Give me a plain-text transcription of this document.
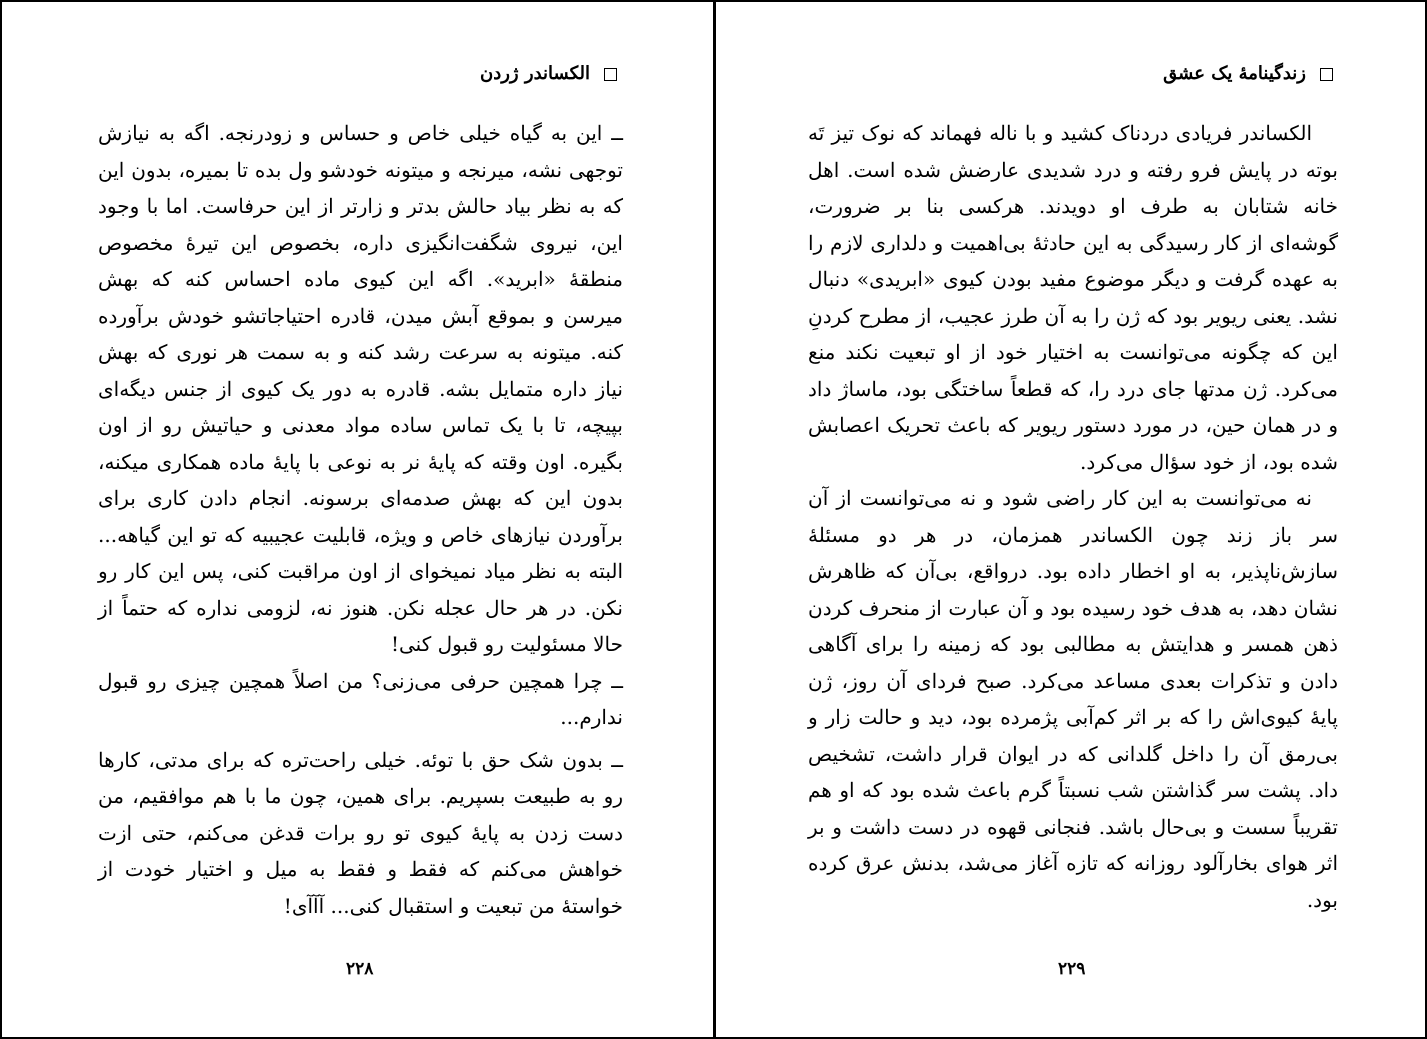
الکساندر ژردن

ــ این به گیاه خیلی خاص و حساس و زودرنجه. اگه به نیازش توجهی نشه، میرنجه و میتونه خودشو ول بده تا بمیره، بدون این که به نظر بیاد حالش بدتر و زارتر از این حرفاست. اما با وجود این، نیروی شگفت‌انگیزی داره، بخصوص این تیرهٔ مخصوص منطقهٔ «ابرید». اگه این کیوی ماده احساس کنه که بهش میرسن و بموقع آبش میدن، قادره احتیاجاتشو خودش برآورده کنه. میتونه به سرعت رشد کنه و به سمت هر نوری که بهش نیاز داره متمایل بشه. قادره به دور یک کیوی از جنس دیگه‌ای بپیچه، تا با یک تماس ساده مواد معدنی و حیاتیش رو از اون بگیره. اون وقته که پایهٔ نر به نوعی با پایهٔ ماده همکاری میکنه، بدون این که بهش صدمه‌ای برسونه. انجام دادن کاری برای برآوردن نیازهای خاص و ویژه، قابلیت عجیبیه که تو این گیاهه... البته به نظر میاد نمیخوای از اون مراقبت کنی، پس این کار رو نکن. در هر حال عجله نکن. هنوز نه، لزومی نداره که حتماً از حالا مسئولیت رو قبول کنی!

ــ چرا همچین حرفی می‌زنی؟ من اصلاً همچین چیزی رو قبول ندارم...

ــ بدون شک حق با توئه. خیلی راحت‌تره که برای مدتی، کارها رو به طبیعت بسپریم. برای همین، چون ما با هم موافقیم، من دست زدن به پایهٔ کیوی تو رو برات قدغن می‌کنم، حتی ازت خواهش می‌کنم که فقط و فقط به میل و اختیار خودت از خواستهٔ من تبعیت و استقبال کنی... آآآی!

۲۲۸
زندگینامهٔ یک عشق

الکساندر فریادی دردناک کشید و با ناله فهماند که نوک تیز تَه بوته در پایش فرو رفته و درد شدیدی عارضش شده است. اهل خانه شتابان به طرف او دویدند. هرکسی بنا بر ضرورت، گوشه‌ای از کار رسیدگی به این حادثهٔ بی‌اهمیت و دلداری لازم را به عهده گرفت و دیگر موضوع مفید بودن کیوی «ابریدی» دنبال نشد. یعنی ریویر بود که ژن را به آن طرز عجیب، از مطرح کردنِ این که چگونه می‌توانست به اختیار خود از او تبعیت نکند منع می‌کرد. ژن مدتها جای درد را، که قطعاً ساختگی بود، ماساژ داد و در همان حین، در مورد دستور ریویر که باعث تحریک اعصابش شده بود، از خود سؤال می‌کرد.

نه می‌توانست به این کار راضی شود و نه می‌توانست از آن سر باز زند چون الکساندر همزمان، در هر دو مسئلهٔ سازش‌ناپذیر، به او اخطار داده بود. درواقع، بی‌آن که ظاهرش نشان دهد، به هدف خود رسیده بود و آن عبارت از منحرف کردن ذهن همسر و هدایتش به مطالبی بود که زمینه را برای آگاهی دادن و تذکرات بعدی مساعد می‌کرد. صبح فردای آن روز، ژن پایهٔ کیوی‌اش را که بر اثر کم‌آبی پژمرده بود، دید و حالت زار و بی‌رمق آن را داخل گلدانی که در ایوان قرار داشت، تشخیص داد. پشت سر گذاشتن شب نسبتاً گرم باعث شده بود که او هم تقریباً سست و بی‌حال باشد. فنجانی قهوه در دست داشت و بر اثر هوای بخارآلود روزانه که تازه آغاز می‌شد، بدنش عرق کرده بود.

۲۲۹
